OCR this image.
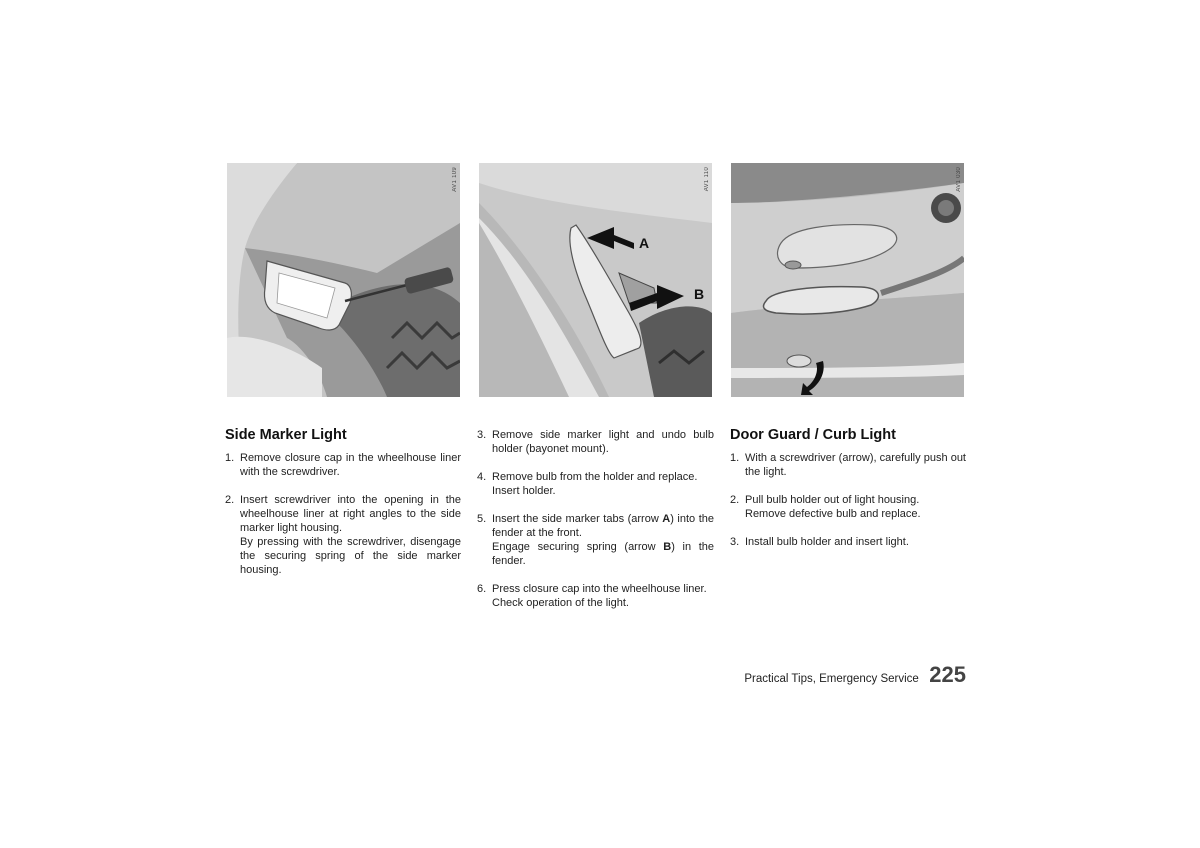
AV1 109
A
B
AV1 110	AV1 030
Side Marker Light
1. Remove closure cap in the wheelhouse liner with the screwdriver.
2. Insert screwdriver into the opening in the wheelhouse liner at right angles to the side marker light housing.
By pressing with the screwdriver, disengage the securing spring of the side marker housing.
3. Remove side marker light and undo bulb holder (bayonet mount).
4. Remove bulb from the holder and replace.
Insert holder.
5. Insert the side marker tabs (arrow A) into the fender at the front.
Engage securing spring (arrow B) in the fender.
6. Press closure cap into the wheelhouse liner.
Check operation of the light.
Door Guard / Curb Light
1. With a screwdriver (arrow), carefully push out the light.
2. Pull bulb holder out of light housing.
Remove defective bulb and replace.
3. Install bulb holder and insert light.
Practical Tips, Emergency Service 225
